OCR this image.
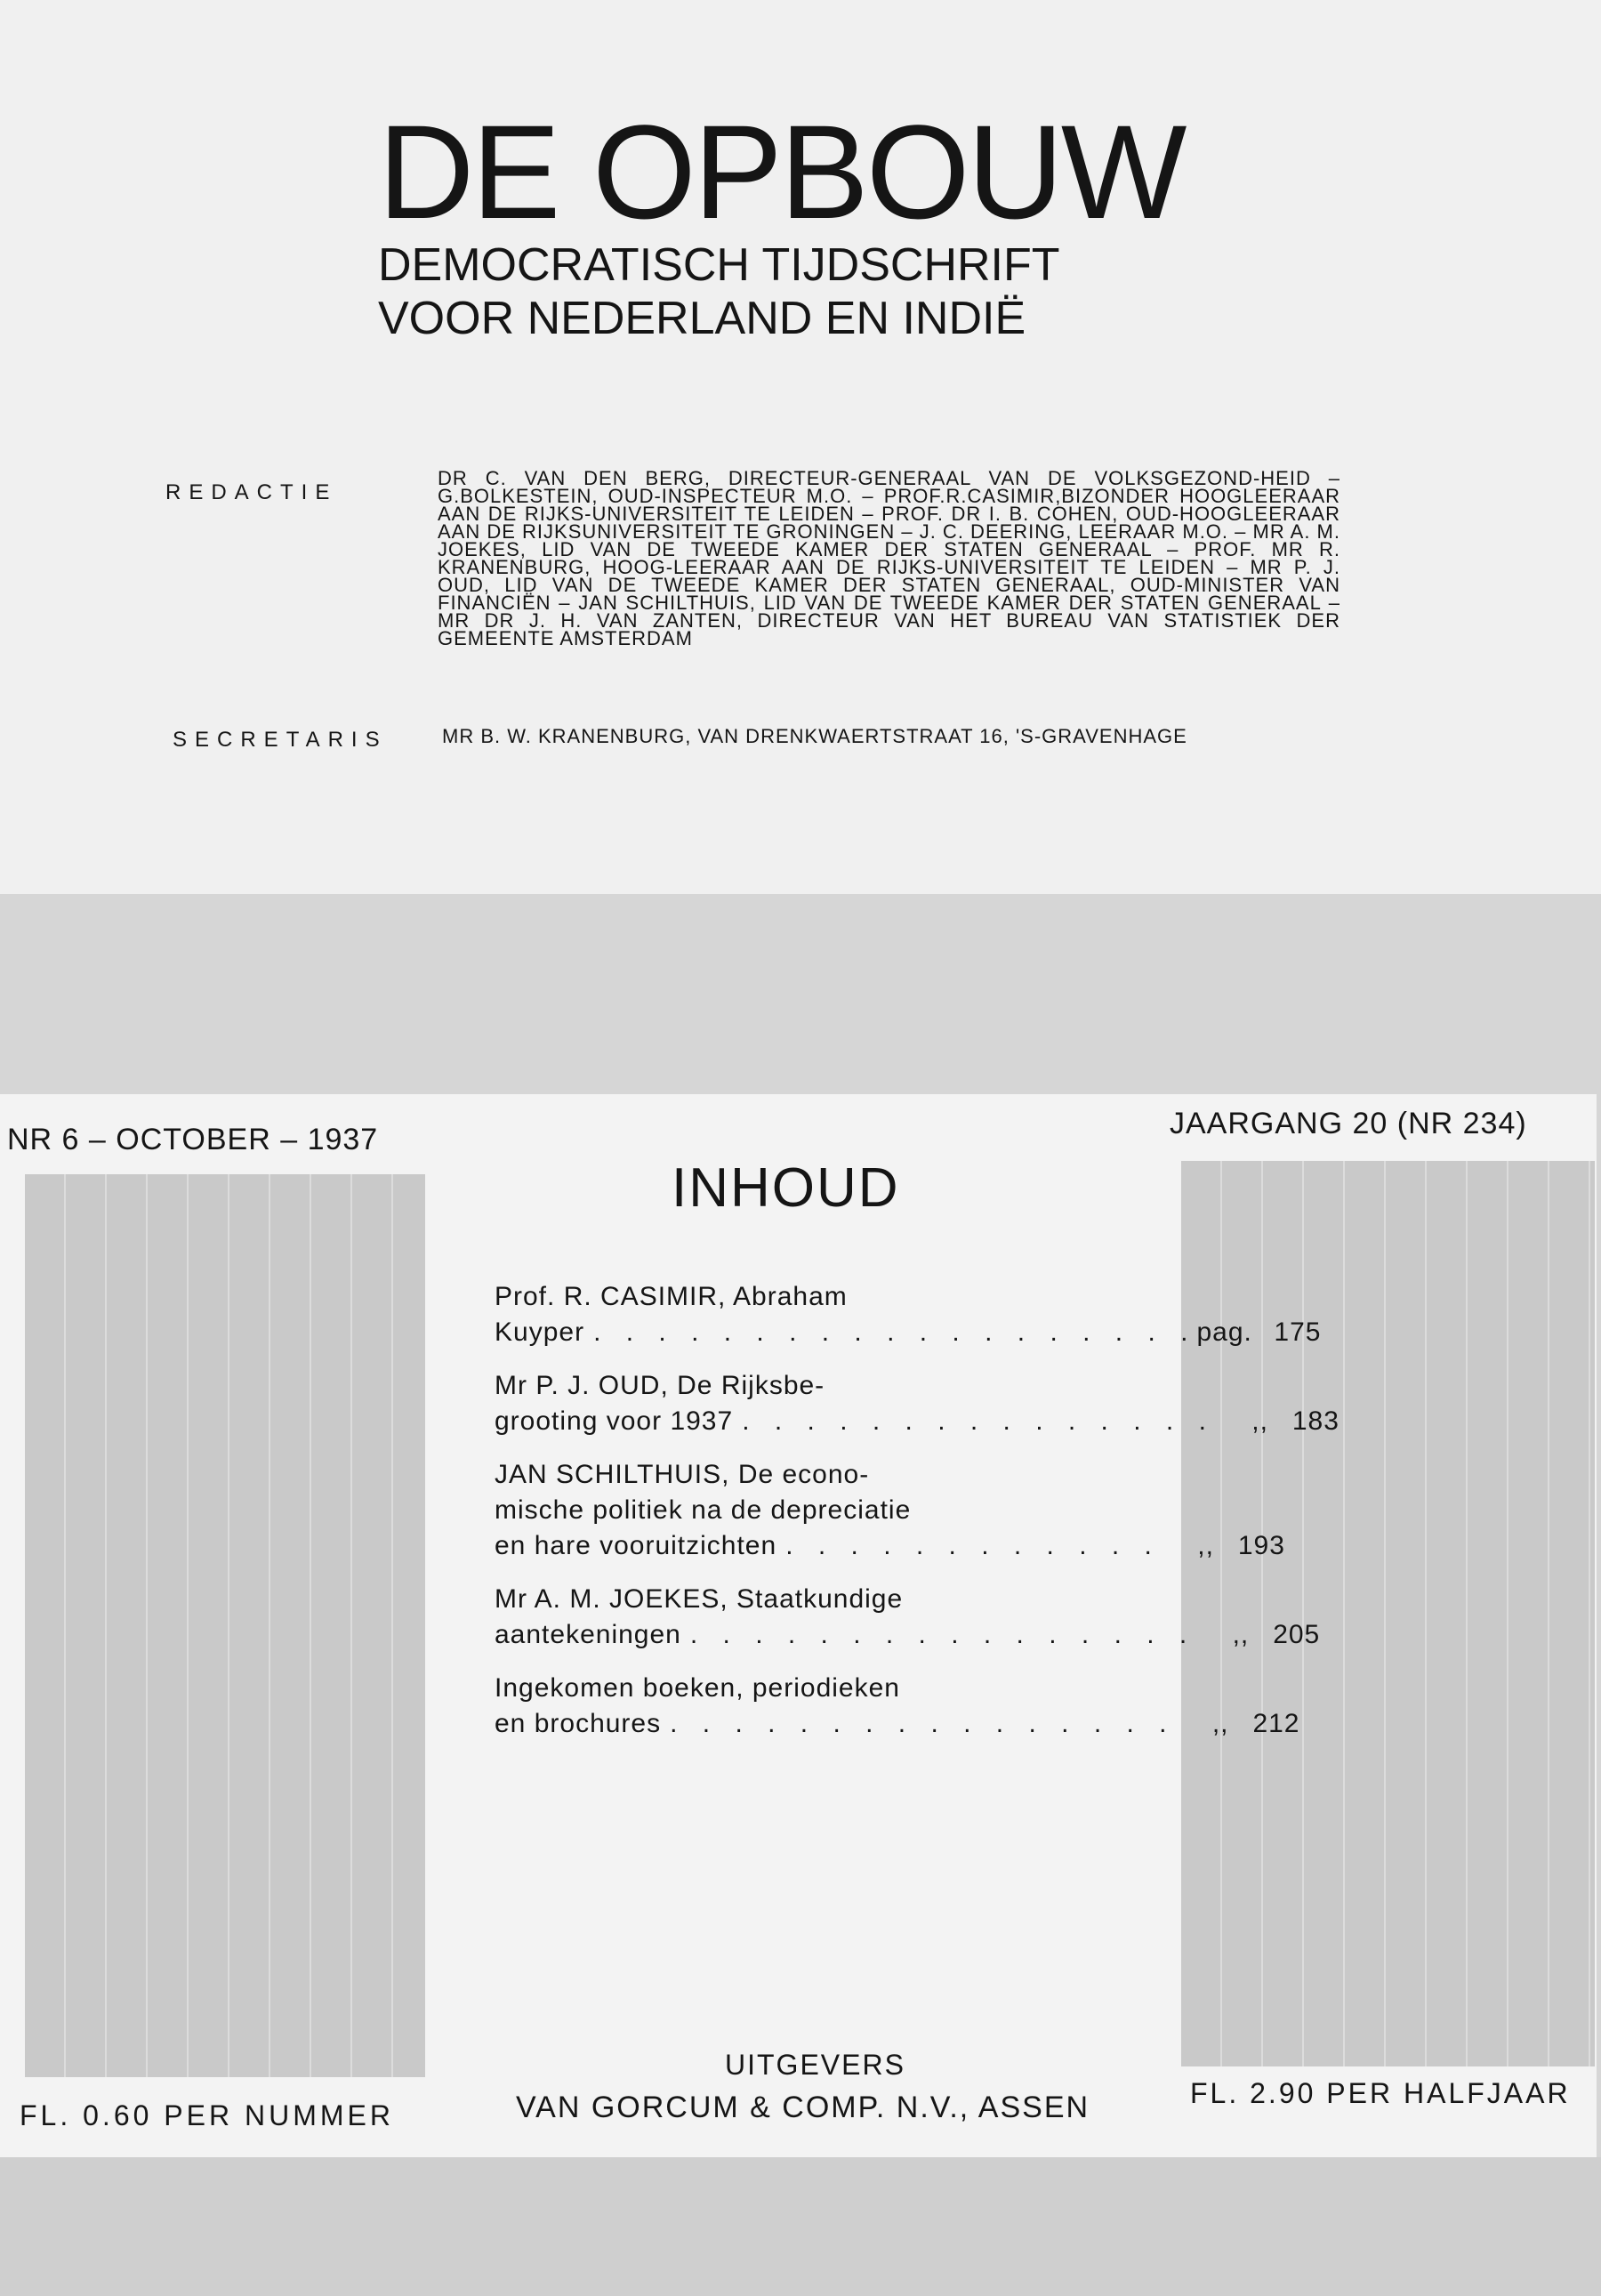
DE OPBOUW
DEMOCRATISCH TIJDSCHRIFT
VOOR NEDERLAND EN INDIË
REDACTIE
DR C. VAN DEN BERG, DIRECTEUR-GENERAAL VAN DE VOLKSGEZOND-HEID – G.BOLKESTEIN, OUD-INSPECTEUR M.O. – PROF.R.CASIMIR,BIZONDER HOOGLEERAAR AAN DE RIJKS-UNIVERSITEIT TE LEIDEN – PROF. DR I. B. COHEN, OUD-HOOGLEERAAR AAN DE RIJKSUNIVERSITEIT TE GRONINGEN – J. C. DEERING, LEERAAR M.O. – MR A. M. JOEKES, LID VAN DE TWEEDE KAMER DER STATEN GENERAAL – PROF. MR R. KRANENBURG, HOOG-LEERAAR AAN DE RIJKS-UNIVERSITEIT TE LEIDEN – MR P. J. OUD, LID VAN DE TWEEDE KAMER DER STATEN GENERAAL, OUD-MINISTER VAN FINANCIËN – JAN SCHILTHUIS, LID VAN DE TWEEDE KAMER DER STATEN GENERAAL – MR DR J. H. VAN ZANTEN, DIRECTEUR VAN HET BUREAU VAN STATISTIEK DER GEMEENTE AMSTERDAM
SECRETARIS	MR B. W. KRANENBURG, VAN DRENKWAERTSTRAAT 16, 'S-GRAVENHAGE
NR 6 – OCTOBER – 1937	JAARGANG 20 (NR 234)
INHOUD
Prof. R. CASIMIR, Abraham
Kuyper . . . . . . . . . . . . . . . . . . . pag. 175
Mr P. J. OUD, De Rijksbe-
grooting voor 1937 . . . . . . . . . . . . . . .	,, 183
JAN SCHILTHUIS, De econo-
mische politiek na de depreciatie
en hare vooruitzichten . . . . . . . . . . . .	,, 193
Mr A. M. JOEKES, Staatkundige
aantekeningen . . . . . . . . . . . . . . . .	,, 205
Ingekomen boeken, periodieken
en brochures . . . . . . . . . . . . . . . .	,, 212
UITGEVERS
VAN GORCUM & COMP. N.V., ASSEN
FL. 0.60 PER NUMMER
FL. 2.90 PER HALFJAAR
